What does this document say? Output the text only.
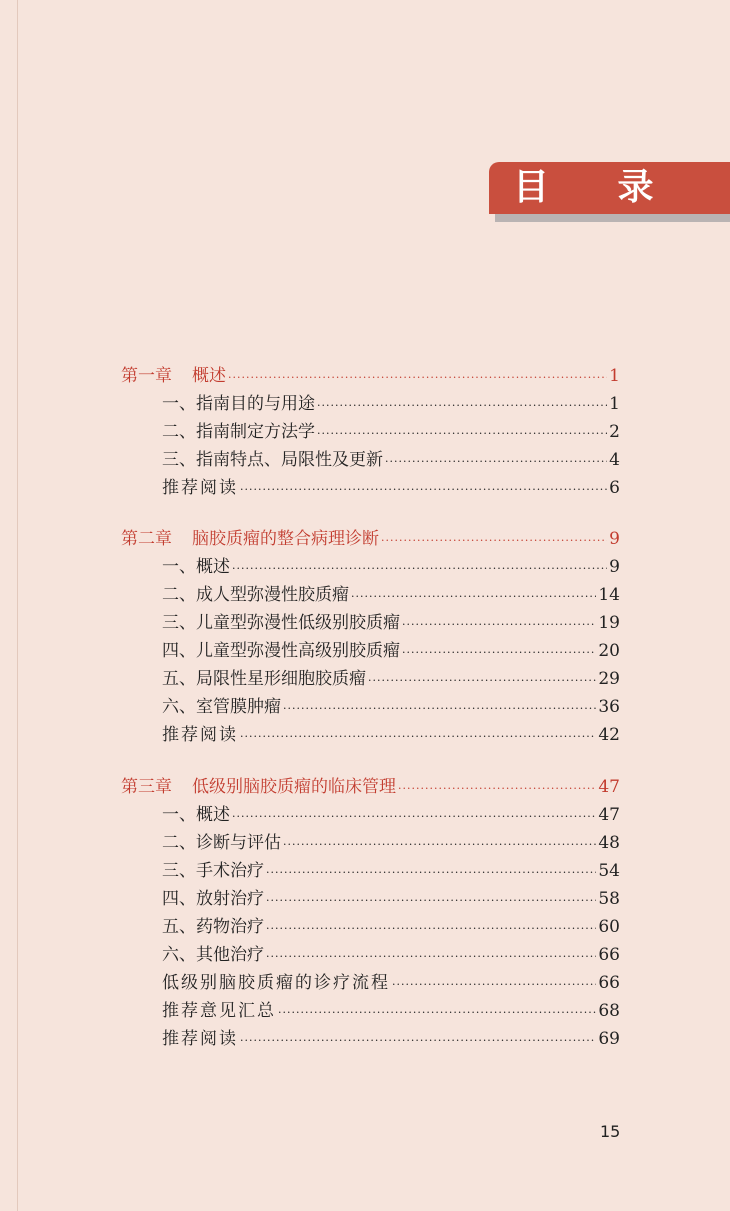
目 录
第一章 概述 ·····	1
一、指南目的与用途 ·····	1
二、指南制定方法学 ·····	2
三、指南特点、局限性及更新 ·····	4
推荐阅读 ·····	6
第二章 脑胶质瘤的整合病理诊断 ·····	9
一、概述 ·····	9
二、成人型弥漫性胶质瘤 ·····	14
三、儿童型弥漫性低级别胶质瘤 ·····	19
四、儿童型弥漫性高级别胶质瘤 ·····	20
五、局限性星形细胞胶质瘤 ·····	29
六、室管膜肿瘤 ·····	36
推荐阅读 ·····	42
第三章 低级别脑胶质瘤的临床管理 ·····	47
一、概述 ·····	47
二、诊断与评估 ·····	48
三、手术治疗 ·····	54
四、放射治疗 ·····	58
五、药物治疗 ·····	60
六、其他治疗 ·····	66
低级别脑胶质瘤的诊疗流程 ·····	66
推荐意见汇总 ·····	68
推荐阅读 ·····	69
15
